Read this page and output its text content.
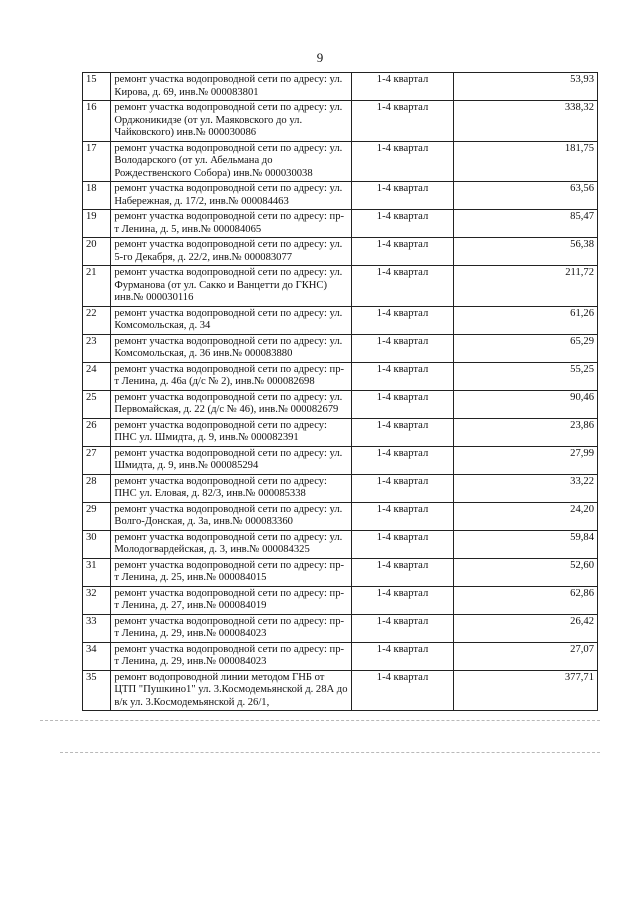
9
15	ремонт участка водопроводной сети по адресу: ул. Кирова, д. 69, инв.№ 000083801	1-4 квартал	53,93
16	ремонт участка водопроводной сети по адресу: ул. Орджоникидзе (от ул. Маяковского до ул. Чайковского) инв.№ 000030086	1-4 квартал	338,32
17	ремонт участка водопроводной сети по адресу: ул. Володарского (от ул. Абельмана до Рождественского Собора) инв.№ 000030038	1-4 квартал	181,75
18	ремонт участка водопроводной сети по адресу: ул. Набережная, д. 17/2, инв.№ 000084463	1-4 квартал	63,56
19	ремонт участка водопроводной сети по адресу: пр-т Ленина, д. 5, инв.№ 000084065	1-4 квартал	85,47
20	ремонт участка водопроводной сети по адресу: ул. 5-го Декабря, д. 22/2, инв.№ 000083077	1-4 квартал	56,38
21	ремонт участка водопроводной сети по адресу: ул. Фурманова (от ул. Сакко и Ванцетти до ГКНС) инв.№ 000030116	1-4 квартал	211,72
22	ремонт участка водопроводной сети по адресу: ул. Комсомольская, д. 34	1-4 квартал	61,26
23	ремонт участка водопроводной сети по адресу: ул. Комсомольская, д. 36 инв.№ 000083880	1-4 квартал	65,29
24	ремонт участка водопроводной сети по адресу: пр-т Ленина, д. 46а (д/с № 2), инв.№ 000082698	1-4 квартал	55,25
25	ремонт участка водопроводной сети по адресу: ул. Первомайская, д. 22 (д/с № 46), инв.№ 000082679	1-4 квартал	90,46
26	ремонт участка водопроводной сети по адресу: ПНС ул. Шмидта, д. 9, инв.№ 000082391	1-4 квартал	23,86
27	ремонт участка водопроводной сети по адресу: ул. Шмидта, д. 9, инв.№ 000085294	1-4 квартал	27,99
28	ремонт участка водопроводной сети по адресу: ПНС ул. Еловая, д. 82/3, инв.№ 000085338	1-4 квартал	33,22
29	ремонт участка водопроводной сети по адресу: ул. Волго-Донская, д. 3а, инв.№ 000083360	1-4 квартал	24,20
30	ремонт участка водопроводной сети по адресу: ул. Молодогвардейская, д. 3, инв.№ 000084325	1-4 квартал	59,84
31	ремонт участка водопроводной сети по адресу: пр-т Ленина, д. 25, инв.№ 000084015	1-4 квартал	52,60
32	ремонт участка водопроводной сети по адресу: пр-т Ленина, д. 27, инв.№ 000084019	1-4 квартал	62,86
33	ремонт участка водопроводной сети по адресу: пр-т Ленина, д. 29, инв.№ 000084023	1-4 квартал	26,42
34	ремонт участка водопроводной сети по адресу: пр-т Ленина, д. 29, инв.№ 000084023	1-4 квартал	27,07
35	ремонт водопроводной линии методом ГНБ от ЦТП "Пушкино1" ул. 3.Космодемьянской д. 28А до в/к ул. 3.Космодемьянской д. 26/1,	1-4 квартал	377,71
